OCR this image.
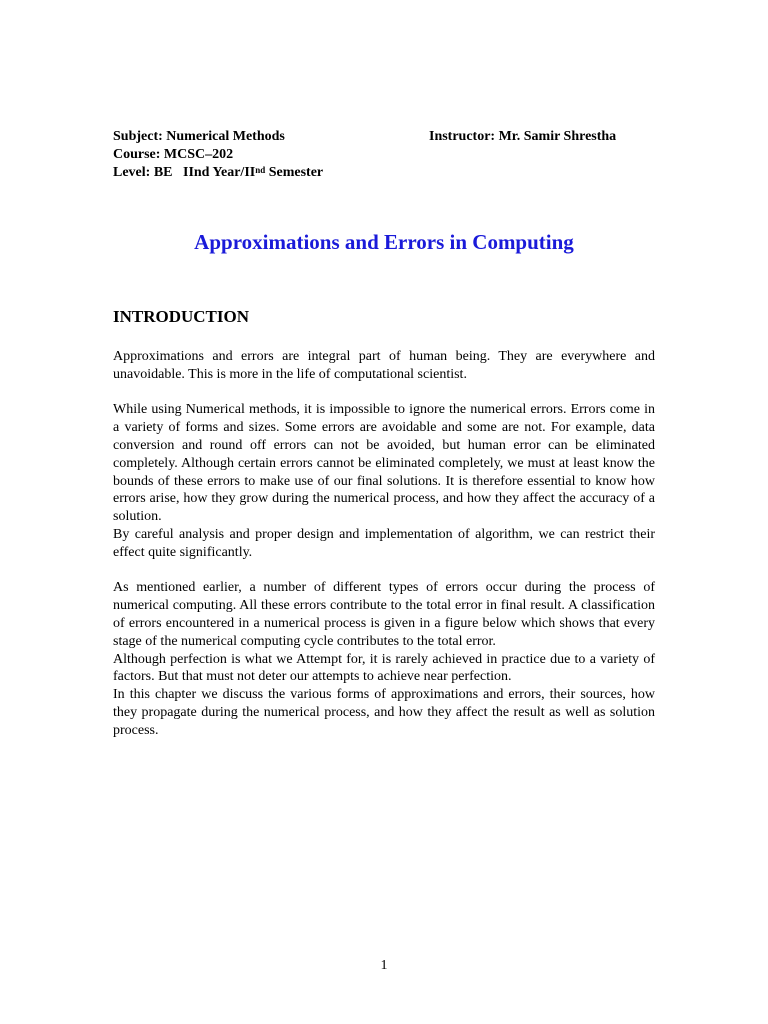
Subject: Numerical Methods	Instructor: Mr. Samir Shrestha
Course: MCSC–202
Level: BE   IInd Year/IInd Semester
Approximations and Errors in Computing
INTRODUCTION

Approximations and errors are integral part of human being. They are everywhere and unavoidable. This is more in the life of computational scientist.

While using Numerical methods, it is impossible to ignore the numerical errors. Errors come in a variety of forms and sizes. Some errors are avoidable and some are not. For example, data conversion and round off errors can not be avoided, but human error can be eliminated completely. Although certain errors cannot be eliminated completely, we must at least know the bounds of these errors to make use of our final solutions. It is therefore essential to know how errors arise, how they grow during the numerical process, and how they affect the accuracy of a solution.

By careful analysis and proper design and implementation of algorithm, we can restrict their effect quite significantly.

As mentioned earlier, a number of different types of errors occur during the process of numerical computing. All these errors contribute to the total error in final result. A classification of errors encountered in a numerical process is given in a figure below which shows that every stage of the numerical computing cycle contributes to the total error.

Although perfection is what we Attempt for, it is rarely achieved in practice due to a variety of factors. But that must not deter our attempts to achieve near perfection.

In this chapter we discuss the various forms of approximations and errors, their sources, how they propagate during the numerical process, and how they affect the result as well as solution process.

1
